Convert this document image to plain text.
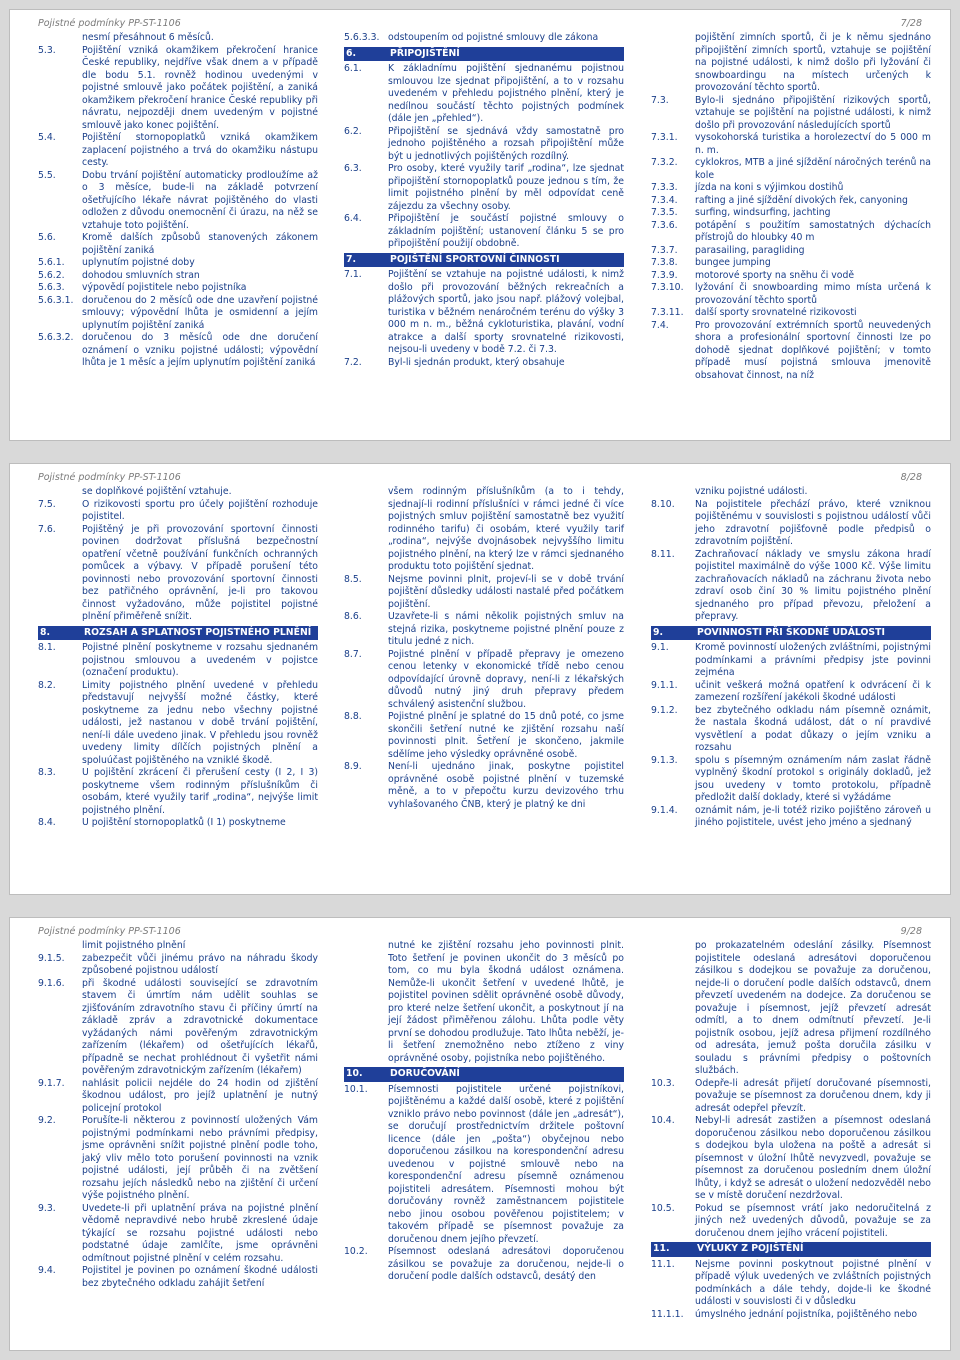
Pojistné podmínky PP-ST-1106	7/28
nesmí přesáhnout 6 měsíců.
5.3.	Pojištění vzniká okamžikem překročení hranice České republiky, nejdříve však dnem a v případě dle bodu 5.1. rovněž hodinou uvedenými v pojistné smlouvě jako počátek pojištění, a zaniká okamžikem překročení hranice České republiky při návratu, nejpozději dnem uvedeným v pojistné smlouvě jako konec pojištění.
5.4.	Pojištění stornopoplatků vzniká okamžikem zaplacení pojistného a trvá do okamžiku nástupu cesty.
5.5.	Dobu trvání pojištění automaticky prodloužíme až o 3 měsíce, bude-li na základě potvrzení ošetřujícího lékaře návrat pojištěného do vlasti odložen z důvodu onemocnění či úrazu, na něž se vztahuje toto pojištění.
5.6.	Kromě dalších způsobů stanovených zákonem pojištění zaniká
5.6.1.	uplynutím pojistné doby
5.6.2.	dohodou smluvních stran
5.6.3.	výpovědí pojistitele nebo pojistníka
5.6.3.1. doručenou do 2 měsíců ode dne uzavření pojistné smlouvy; výpovědní lhůta je osmidenní a jejím uplynutím pojištění zaniká
5.6.3.2. doručenou do 3 měsíců ode dne doručení oznámení o vzniku pojistné události; výpovědní lhůta je 1 měsíc a jejím uplynutím pojištění zaniká
5.6.3.3. odstoupením od pojistné smlouvy dle zákona
6.	PŘIPOJIŠTĚNÍ
6.1.	K základnímu pojištění sjednanému pojistnou smlouvou lze sjednat připojištění, a to v rozsahu uvedeném v přehledu pojistného plnění, který je nedílnou součástí těchto pojistných podmínek (dále jen „přehled“).
6.2.	Připojištění se sjednává vždy samostatně pro jednoho pojištěného a rozsah připojištění může být u jednotlivých pojištěných rozdílný.
6.3.	Pro osoby, které využily tarif „rodina“, lze sjednat připojištění stornopoplatků pouze jednou s tím, že limit pojistného plnění by měl odpovídat ceně zájezdu za všechny osoby.
6.4.	Připojištění je součástí pojistné smlouvy o základním pojištění; ustanovení článku 5 se pro připojištění použijí obdobně.
7.	POJIŠTĚNÍ SPORTOVNÍ ČINNOSTI
7.1.	Pojištění se vztahuje na pojistné události, k nimž došlo při provozování běžných rekreačních a plážových sportů, jako jsou např. plážový volejbal, turistika v běžném nenáročném terénu do výšky 3 000 m n. m., běžná cykloturistika, plavání, vodní atrakce a další sporty srovnatelné rizikovosti, nejsou-li uvedeny v bodě 7.2. či 7.3.
7.2.	Byl-li sjednán produkt, který obsahuje
pojištění zimních sportů, či je k němu sjednáno připojištění zimních sportů, vztahuje se pojištění na pojistné události, k nimž došlo při lyžování či snowboardingu na místech určených k provozování těchto sportů.
7.3.	Bylo-li sjednáno připojištění rizikových sportů, vztahuje se pojištění na pojistné události, k nimž došlo při provozování následujících sportů
7.3.1.	vysokohorská turistika a horolezectví do 5 000 m n. m.
7.3.2.	cyklokros, MTB a jiné sjíždění náročných terénů na kole
7.3.3.	jízda na koni s výjimkou dostihů
7.3.4.	rafting a jiné sjíždění divokých řek, canyoning
7.3.5.	surfing, windsurfing, jachting
7.3.6.	potápění s použitím samostatných dýchacích přístrojů do hloubky 40 m
7.3.7.	parasailing, paragliding
7.3.8.	bungee jumping
7.3.9.	motorové sporty na sněhu či vodě
7.3.10.	lyžování či snowboarding mimo místa určená k provozování těchto sportů
7.3.11.	další sporty srovnatelné rizikovosti
7.4.	Pro provozování extrémních sportů neuvedených shora a profesionální sportovní činnosti lze po dohodě sjednat doplňkové pojištění; v tomto případě musí pojistná smlouva jmenovitě obsahovat činnost, na níž
Pojistné podmínky PP-ST-1106	8/28
se doplňkové pojištění vztahuje.
7.5.	O rizikovosti sportu pro účely pojištění rozhoduje pojistitel.
7.6.	Pojištěný je při provozování sportovní činnosti povinen dodržovat příslušná bezpečnostní opatření včetně používání funkčních ochranných pomůcek a výbavy. V případě porušení této povinnosti nebo provozování sportovní činnosti bez patřičného oprávnění, je-li pro takovou činnost vyžadováno, může pojistitel pojistné plnění přiměřeně snížit.
8.	ROZSAH A SPLATNOST POJISTNÉHO PLNĚNÍ
8.1.	Pojistné plnění poskytneme v rozsahu sjednaném pojistnou smlouvou a uvedeném v pojistce (označení produktu).
8.2.	Limity pojistného plnění uvedené v přehledu představují nejvyšší možné částky, které poskytneme za jednu nebo všechny pojistné události, jež nastanou v době trvání pojištění, není-li dále uvedeno jinak. V přehledu jsou rovněž uvedeny limity dílčích pojistných plnění a spoluúčast pojištěného na vzniklé škodě.
8.3.	U pojištění zkrácení či přerušení cesty (I 2, I 3) poskytneme všem rodinným příslušníkům či osobám, které využily tarif „rodina“, nejvýše limit pojistného plnění.
8.4.	U pojištění stornopoplatků (I 1) poskytneme
všem rodinným příslušníkům (a to i tehdy, sjednají-li rodinní příslušníci v rámci jedné či více pojistných smluv pojištění samostatně bez využití rodinného tarifu) či osobám, které využily tarif „rodina“, nejvýše dvojnásobek nejvyššího limitu pojistného plnění, na který lze v rámci sjednaného produktu toto pojištění sjednat.
8.5.	Nejsme povinni plnit, projeví-li se v době trvání pojištění důsledky události nastalé před počátkem pojištění.
8.6.	Uzavřete-li s námi několik pojistných smluv na stejná rizika, poskytneme pojistné plnění pouze z titulu jedné z nich.
8.7.	Pojistné plnění v případě přepravy je omezeno cenou letenky v ekonomické třídě nebo cenou odpovídající úrovně dopravy, není-li z lékařských důvodů nutný jiný druh přepravy předem schválený asistenční službou.
8.8.	Pojistné plnění je splatné do 15 dnů poté, co jsme skončili šetření nutné ke zjištění rozsahu naší povinnosti plnit. Šetření je skončeno, jakmile sdělíme jeho výsledky oprávněné osobě.
8.9.	Není-li ujednáno jinak, poskytne pojistitel oprávněné osobě pojistné plnění v tuzemské měně, a to v přepočtu kurzu devizového trhu vyhlašovaného ČNB, který je platný ke dni
vzniku pojistné události.
8.10.	Na pojistitele přechází právo, které vzniknou pojištěnému v souvislosti s pojistnou událostí vůči jeho zdravotní pojišťovně podle předpisů o zdravotním pojištění.
8.11.	Zachraňovací náklady ve smyslu zákona hradí pojistitel maximálně do výše 1000 Kč. Výše limitu zachraňovacích nákladů na záchranu života nebo zdraví osob činí 30 % limitu pojistného plnění sjednaného pro případ převozu, přeložení a přepravy.
9.	POVINNOSTI PŘI ŠKODNÉ UDÁLOSTI
9.1.	Kromě povinností uložených zvláštními, pojistnými podmínkami a právními předpisy jste povinni zejména
9.1.1.	učinit veškerá možná opatření k odvrácení či k zamezení rozšíření jakékoli škodné události
9.1.2.	bez zbytečného odkladu nám písemně oznámit, že nastala škodná událost, dát o ní pravdivé vysvětlení a podat důkazy o jejím vzniku a rozsahu
9.1.3.	spolu s písemným oznámením nám zaslat řádně vyplněný škodní protokol s originály dokladů, jež jsou uvedeny v tomto protokolu, případně předložit další doklady, které si vyžádáme
9.1.4.	oznámit nám, je-li totéž riziko pojištěno zároveň u jiného pojistitele, uvést jeho jméno a sjednaný
Pojistné podmínky PP-ST-1106	9/28
limit pojistného plnění
9.1.5.	zabezpečit vůči jinému právo na náhradu škody způsobené pojistnou událostí
9.1.6.	při škodné události související se zdravotním stavem či úmrtím nám udělit souhlas se zjišťováním zdravotního stavu či příčiny úmrtí na základě zpráv a zdravotnické dokumentace vyžádaných námi pověřeným zdravotnickým zařízením (lékařem) od ošetřujících lékařů, případně se nechat prohlédnout či vyšetřit námi pověřeným zdravotnickým zařízením (lékařem)
9.1.7.	nahlásit policii nejdéle do 24 hodin od zjištění škodnou událost, pro jejíž uplatnění je nutný policejní protokol
9.2.	Porušíte-li některou z povinností uložených Vám pojistnými podmínkami nebo právními předpisy, jsme oprávněni snížit pojistné plnění podle toho, jaký vliv mělo toto porušení povinnosti na vznik pojistné události, její průběh či na zvětšení rozsahu jejích následků nebo na zjištění či určení výše pojistného plnění.
9.3.	Uvedete-li při uplatnění práva na pojistné plnění vědomě nepravdivé nebo hrubě zkreslené údaje týkající se rozsahu pojistné události nebo podstatné údaje zamlčíte, jsme oprávněni odmítnout pojistné plnění v celém rozsahu.
9.4.	Pojistitel je povinen po oznámení škodné události bez zbytečného odkladu zahájit šetření
nutné ke zjištění rozsahu jeho povinnosti plnit. Toto šetření je povinen ukončit do 3 měsíců po tom, co mu byla škodná událost oznámena. Nemůže-li ukončit šetření v uvedené lhůtě, je pojistitel povinen sdělit oprávněné osobě důvody, pro které nelze šetření ukončit, a poskytnout jí na její žádost přiměřenou zálohu. Lhůta podle věty první se dohodou prodlužuje. Tato lhůta neběží, je-li šetření znemožněno nebo ztíženo z viny oprávněné osoby, pojistníka nebo pojištěného.
10.	DORUČOVÁNÍ
10.1.	Písemnosti pojistitele určené pojistníkovi, pojištěnému a každé další osobě, které z pojištění vzniklo právo nebo povinnost (dále jen „adresát“), se doručují prostřednictvím držitele poštovní licence (dále jen „pošta“) obyčejnou nebo doporučenou zásilkou na korespondenční adresu uvedenou v pojistné smlouvě nebo na korespondenční adresu písemně oznámenou pojistiteli adresátem. Písemnosti mohou být doručovány rovněž zaměstnancem pojistitele nebo jinou osobou pověřenou pojistitelem; v takovém případě se písemnost považuje za doručenou dnem jejího převzetí.
10.2.	Písemnost odeslaná adresátovi doporučenou zásilkou se považuje za doručenou, nejde-li o doručení podle dalších odstavců, desátý den
po prokazatelném odeslání zásilky. Písemnost pojistitele odeslaná adresátovi doporučenou zásilkou s dodejkou se považuje za doručenou, nejde-li o doručení podle dalších odstavců, dnem převzetí uvedeném na dodejce. Za doručenou se považuje i písemnost, jejíž převzetí adresát odmítl, a to dnem odmítnutí převzetí. Je-li pojistník osobou, jejíž adresa přijmení rozdílného od adresáta, jemuž pošta doručila zásilku v souladu s právními předpisy o poštovních službách.
10.3.	Odepře-li adresát přijetí doručované písemnosti, považuje se písemnost za doručenou dnem, kdy ji adresát odepřel převzít.
10.4.	Nebyl-li adresát zastižen a písemnost odeslaná doporučenou zásilkou nebo doporučenou zásilkou s dodejkou byla uložena na poště a adresát si písemnost v úložní lhůtě nevyzvedl, považuje se písemnost za doručenou posledním dnem úložní lhůty, i když se adresát o uložení nedozvěděl nebo se v místě doručení nezdržoval.
10.5.	Pokud se písemnost vrátí jako nedoručitelná z jiných než uvedených důvodů, považuje se za doručenou dnem jejího vrácení pojistiteli.
11.	VÝLUKY Z POJIŠTĚNÍ
11.1.	Nejsme povinni poskytnout pojistné plnění v případě výluk uvedených ve zvláštních pojistných podmínkách a dále tehdy, dojde-li ke škodné události v souvislosti či v důsledku
11.1.1.	úmyslného jednání pojistníka, pojištěného nebo
